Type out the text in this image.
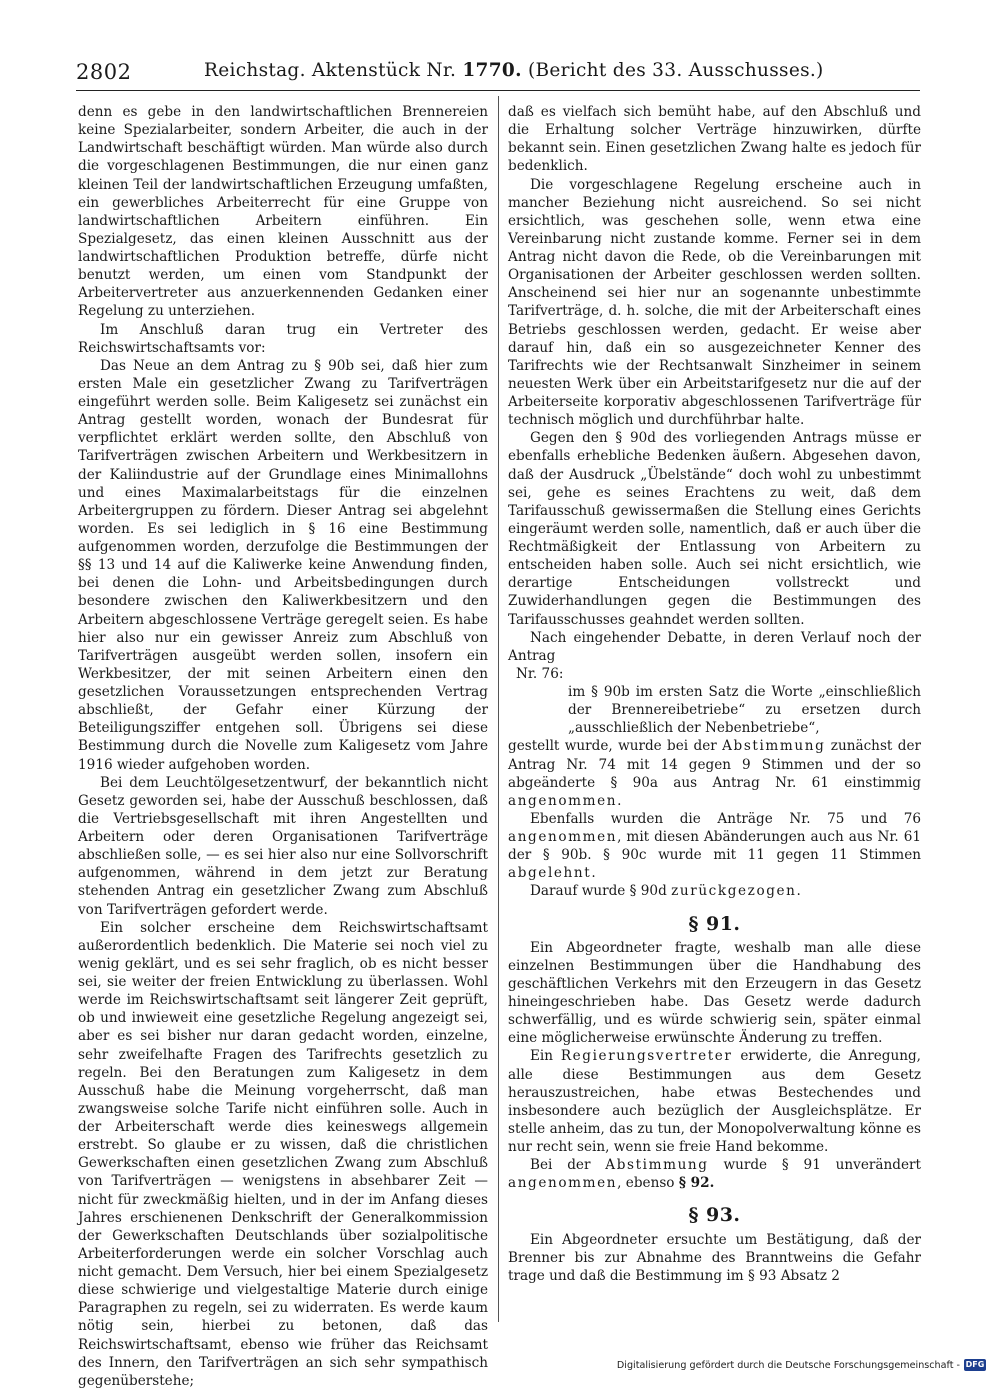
2802	Reichstag. Aktenstück Nr. 1770. (Bericht des 33. Ausschusses.)

denn es gebe in den landwirtschaftlichen Brennereien keine Spezialarbeiter, sondern Arbeiter, die auch in der Landwirtschaft beschäftigt würden. Man würde also durch die vorgeschlagenen Bestimmungen, die nur einen ganz kleinen Teil der landwirtschaftlichen Erzeugung umfaßten, ein gewerbliches Arbeiterrecht für eine Gruppe von landwirtschaftlichen Arbeitern einführen. Ein Spezialgesetz, das einen kleinen Ausschnitt aus der landwirtschaftlichen Produktion betreffe, dürfe nicht benutzt werden, um einen vom Standpunkt der Arbeitervertreter aus anzuerkennenden Gedanken einer Regelung zu unterziehen.

Im Anschluß daran trug ein Vertreter des Reichswirtschaftsamts vor:

Das Neue an dem Antrag zu § 90b sei, daß hier zum ersten Male ein gesetzlicher Zwang zu Tarifverträgen eingeführt werden solle. Beim Kaligesetz sei zunächst ein Antrag gestellt worden, wonach der Bundesrat für verpflichtet erklärt werden sollte, den Abschluß von Tarifverträgen zwischen Arbeitern und Werkbesitzern in der Kaliindustrie auf der Grundlage eines Minimallohns und eines Maximalarbeitstags für die einzelnen Arbeitergruppen zu fördern. Dieser Antrag sei abgelehnt worden. Es sei lediglich in § 16 eine Bestimmung aufgenommen worden, derzufolge die Bestimmungen der §§ 13 und 14 auf die Kaliwerke keine Anwendung finden, bei denen die Lohn- und Arbeitsbedingungen durch besondere zwischen den Kaliwerkbesitzern und den Arbeitern abgeschlossene Verträge geregelt seien. Es habe hier also nur ein gewisser Anreiz zum Abschluß von Tarifverträgen ausgeübt werden sollen, insofern ein Werkbesitzer, der mit seinen Arbeitern einen den gesetzlichen Voraussetzungen entsprechenden Vertrag abschließt, der Gefahr einer Kürzung der Beteiligungsziffer entgehen soll. Übrigens sei diese Bestimmung durch die Novelle zum Kaligesetz vom Jahre 1916 wieder aufgehoben worden.

Bei dem Leuchtölgesetzentwurf, der bekanntlich nicht Gesetz geworden sei, habe der Ausschuß beschlossen, daß die Vertriebsgesellschaft mit ihren Angestellten und Arbeitern oder deren Organisationen Tarifverträge abschließen solle, — es sei hier also nur eine Sollvorschrift aufgenommen, während in dem jetzt zur Beratung stehenden Antrag ein gesetzlicher Zwang zum Abschluß von Tarifverträgen gefordert werde.

Ein solcher erscheine dem Reichswirtschaftsamt außerordentlich bedenklich. Die Materie sei noch viel zu wenig geklärt, und es sei sehr fraglich, ob es nicht besser sei, sie weiter der freien Entwicklung zu überlassen. Wohl werde im Reichswirtschaftsamt seit längerer Zeit geprüft, ob und inwieweit eine gesetzliche Regelung angezeigt sei, aber es sei bisher nur daran gedacht worden, einzelne, sehr zweifelhafte Fragen des Tarifrechts gesetzlich zu regeln. Bei den Beratungen zum Kaligesetz in dem Ausschuß habe die Meinung vorgeherrscht, daß man zwangsweise solche Tarife nicht einführen solle. Auch in der Arbeiterschaft werde dies keineswegs allgemein erstrebt. So glaube er zu wissen, daß die christlichen Gewerkschaften einen gesetzlichen Zwang zum Abschluß von Tarifverträgen — wenigstens in absehbarer Zeit — nicht für zweckmäßig hielten, und in der im Anfang dieses Jahres erschienenen Denkschrift der Generalkommission der Gewerkschaften Deutschlands über sozialpolitische Arbeiterforderungen werde ein solcher Vorschlag auch nicht gemacht. Dem Versuch, hier bei einem Spezialgesetz diese schwierige und vielgestaltige Materie durch einige Paragraphen zu regeln, sei zu widerraten. Es werde kaum nötig sein, hierbei zu betonen, daß das Reichswirtschaftsamt, ebenso wie früher das Reichsamt des Innern, den Tarifverträgen an sich sehr sympathisch gegenüberstehe;

daß es vielfach sich bemüht habe, auf den Abschluß und die Erhaltung solcher Verträge hinzuwirken, dürfte bekannt sein. Einen gesetzlichen Zwang halte es jedoch für bedenklich.

Die vorgeschlagene Regelung erscheine auch in mancher Beziehung nicht ausreichend. So sei nicht ersichtlich, was geschehen solle, wenn etwa eine Vereinbarung nicht zustande komme. Ferner sei in dem Antrag nicht davon die Rede, ob die Vereinbarungen mit Organisationen der Arbeiter geschlossen werden sollten. Anscheinend sei hier nur an sogenannte unbestimmte Tarifverträge, d. h. solche, die mit der Arbeiterschaft eines Betriebs geschlossen werden, gedacht. Er weise aber darauf hin, daß ein so ausgezeichneter Kenner des Tarifrechts wie der Rechtsanwalt Sinzheimer in seinem neuesten Werk über ein Arbeitstarifgesetz nur die auf der Arbeiterseite korporativ abgeschlossenen Tarifverträge für technisch möglich und durchführbar halte.

Gegen den § 90d des vorliegenden Antrags müsse er ebenfalls erhebliche Bedenken äußern. Abgesehen davon, daß der Ausdruck „Übelstände“ doch wohl zu unbestimmt sei, gehe es seines Erachtens zu weit, daß dem Tarifausschuß gewissermaßen die Stellung eines Gerichts eingeräumt werden solle, namentlich, daß er auch über die Rechtmäßigkeit der Entlassung von Arbeitern zu entscheiden haben solle. Auch sei nicht ersichtlich, wie derartige Entscheidungen vollstreckt und Zuwiderhandlungen gegen die Bestimmungen des Tarifausschusses geahndet werden sollten.

Nach eingehender Debatte, in deren Verlauf noch der Antrag

Nr. 76:

im § 90b im ersten Satz die Worte „einschließlich der Brennereibetriebe“ zu ersetzen durch „ausschließlich der Nebenbetriebe“,

gestellt wurde, wurde bei der Abstimmung zunächst der Antrag Nr. 74 mit 14 gegen 9 Stimmen und der so abgeänderte § 90a aus Antrag Nr. 61 einstimmig angenommen.

Ebenfalls wurden die Anträge Nr. 75 und 76 angenommen, mit diesen Abänderungen auch aus Nr. 61 der § 90b. § 90c wurde mit 11 gegen 11 Stimmen abgelehnt.

Darauf wurde § 90d zurückgezogen.

§ 91.

Ein Abgeordneter fragte, weshalb man alle diese einzelnen Bestimmungen über die Handhabung des geschäftlichen Verkehrs mit den Erzeugern in das Gesetz hineingeschrieben habe. Das Gesetz werde dadurch schwerfällig, und es würde schwierig sein, später einmal eine möglicherweise erwünschte Änderung zu treffen.

Ein Regierungsvertreter erwiderte, die Anregung, alle diese Bestimmungen aus dem Gesetz herauszustreichen, habe etwas Bestechendes und insbesondere auch bezüglich der Ausgleichsplätze. Er stelle anheim, das zu tun, der Monopolverwaltung könne es nur recht sein, wenn sie freie Hand bekomme.

Bei der Abstimmung wurde § 91 unverändert angenommen, ebenso § 92.

§ 93.

Ein Abgeordneter ersuchte um Bestätigung, daß der Brenner bis zur Abnahme des Branntweins die Gefahr trage und daß die Bestimmung im § 93 Absatz 2

Digitalisierung gefördert durch die Deutsche Forschungsgemeinschaft - DFG
